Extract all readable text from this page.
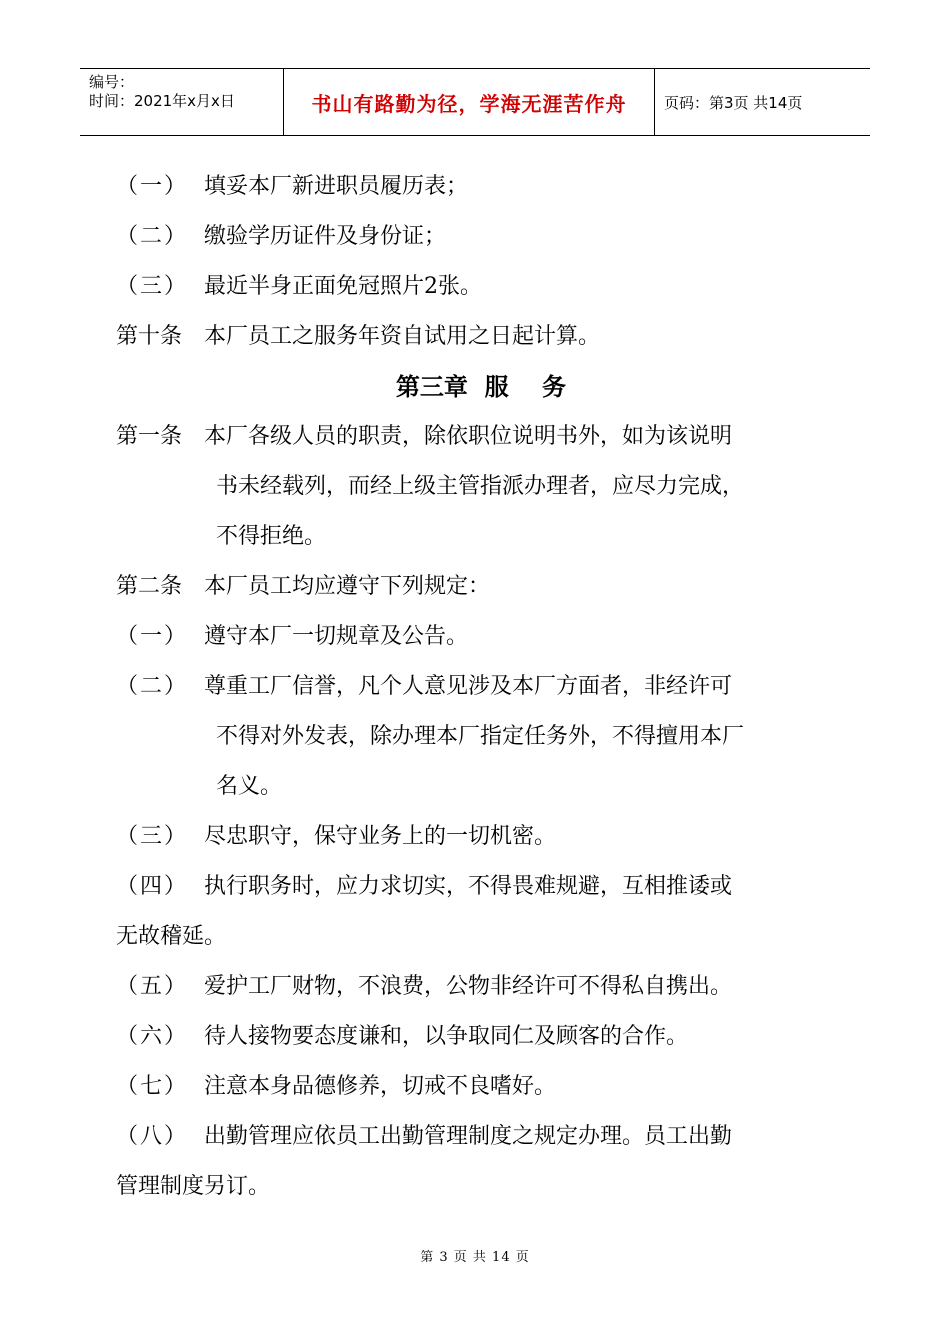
编号：
时间：2021年x月x日	书山有路勤为径，学海无涯苦作舟	页码：第3页 共14页
（一） 填妥本厂新进职员履历表；
（二） 缴验学历证件及身份证；
（三） 最近半身正面免冠照片2张。
第十条 本厂员工之服务年资自试用之日起计算。
第三章  服    务
第一条 本厂各级人员的职责，除依职位说明书外，如为该说明
书未经载列，而经上级主管指派办理者，应尽力完成，
不得拒绝。
第二条 本厂员工均应遵守下列规定：
（一） 遵守本厂一切规章及公告。
（二） 尊重工厂信誉，凡个人意见涉及本厂方面者，非经许可
不得对外发表，除办理本厂指定任务外，不得擅用本厂
名义。
（三） 尽忠职守，保守业务上的一切机密。
（四） 执行职务时，应力求切实，不得畏难规避，互相推诿或
无故稽延。
（五） 爱护工厂财物，不浪费，公物非经许可不得私自携出。
（六） 待人接物要态度谦和，以争取同仁及顾客的合作。
（七） 注意本身品德修养，切戒不良嗜好。
（八） 出勤管理应依员工出勤管理制度之规定办理。员工出勤
管理制度另订。
第 3 页 共 14 页
